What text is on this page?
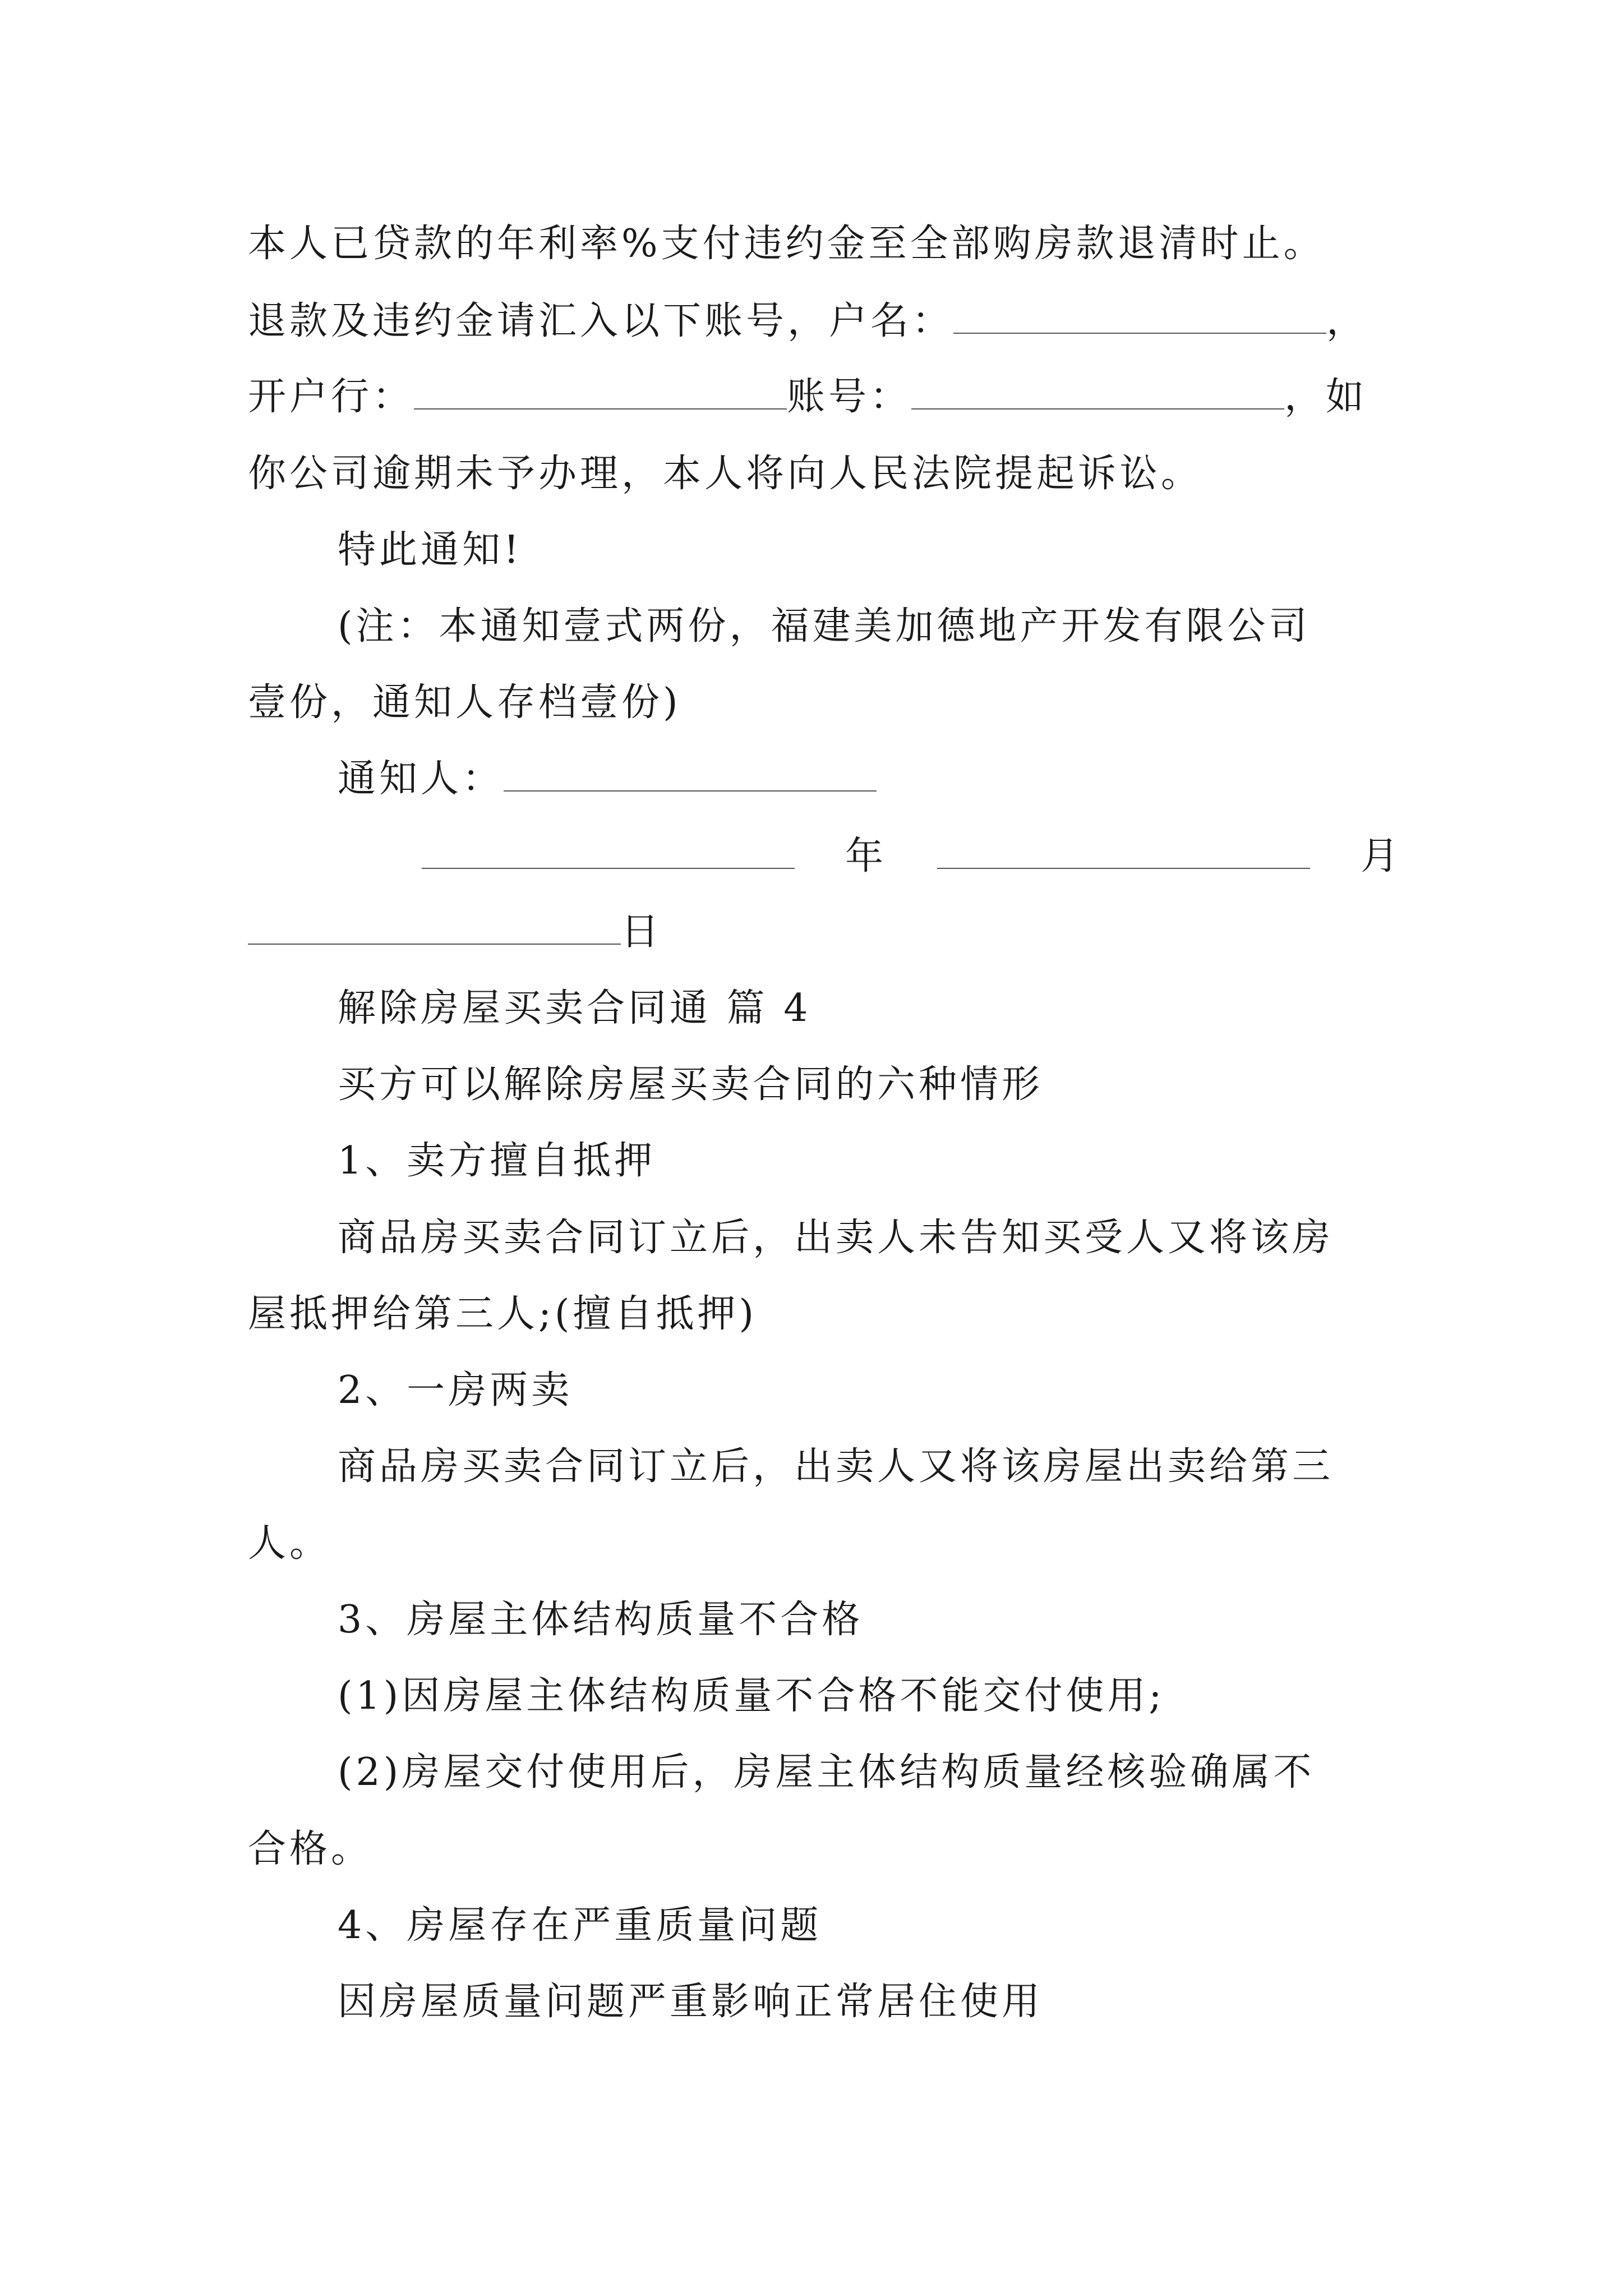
本人已贷款的年利率%支付违约金至全部购房款退清时止。
退款及违约金请汇入以下账号，户名：	，
开户行：	账号：	，如
你公司逾期未予办理，本人将向人民法院提起诉讼。
特此通知!
(注：本通知壹式两份，福建美加德地产开发有限公司
壹份，通知人存档壹份)
通知人：
年	月
日
解除房屋买卖合同通 篇 4
买方可以解除房屋买卖合同的六种情形
1、卖方擅自抵押
商品房买卖合同订立后，出卖人未告知买受人又将该房
屋抵押给第三人;(擅自抵押)
2、一房两卖
商品房买卖合同订立后，出卖人又将该房屋出卖给第三
人。
3、房屋主体结构质量不合格
(1)因房屋主体结构质量不合格不能交付使用;
(2)房屋交付使用后，房屋主体结构质量经核验确属不
合格。
4、房屋存在严重质量问题
因房屋质量问题严重影响正常居住使用
